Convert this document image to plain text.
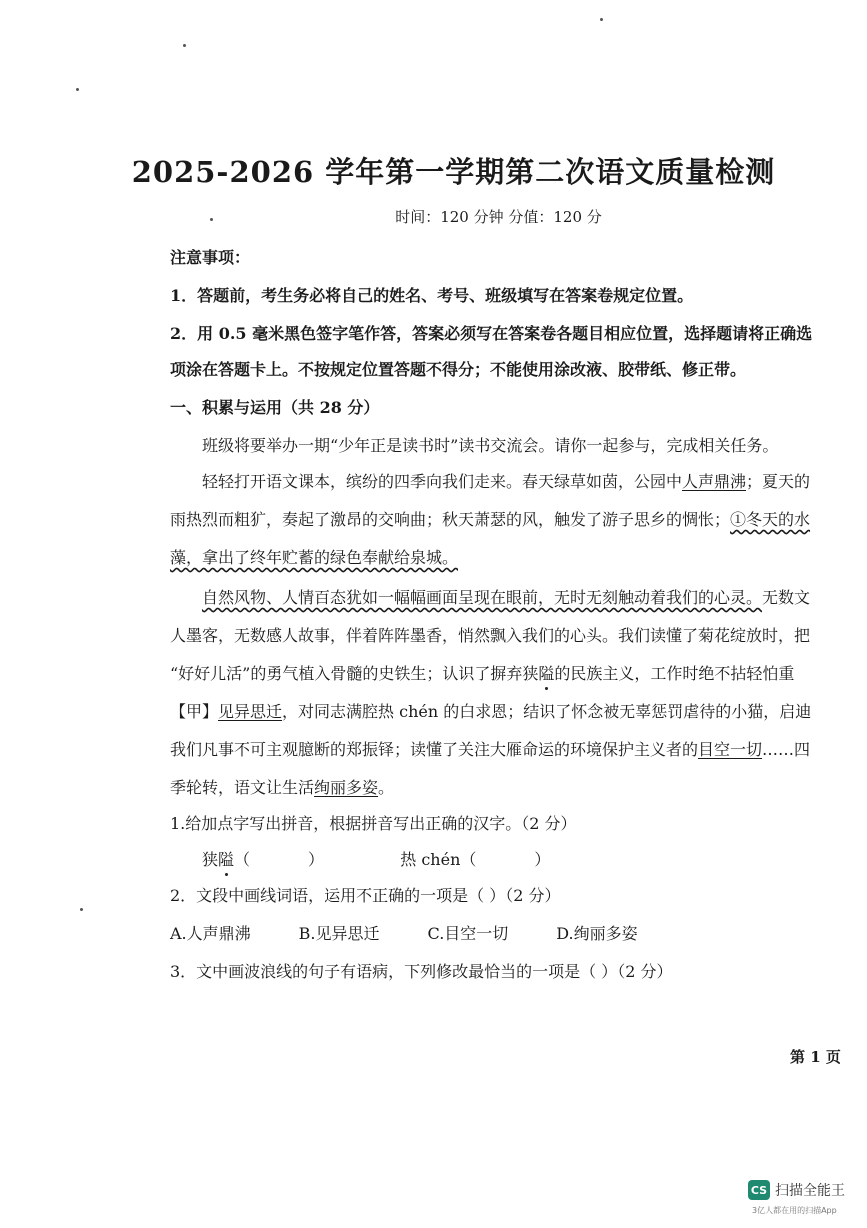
2025-2026 学年第一学期第二次语文质量检测
时间：120 分钟 分值：120 分
注意事项：
1．答题前，考生务必将自己的姓名、考号、班级填写在答案卷规定位置。
2．用 0.5 毫米黑色签字笔作答，答案必须写在答案卷各题目相应位置，选择题请将正确选
项涂在答题卡上。不按规定位置答题不得分；不能使用涂改液、胶带纸、修正带。
一、积累与运用（共 28 分）
班级将要举办一期“少年正是读书时”读书交流会。请你一起参与，完成相关任务。
轻轻打开语文课本，缤纷的四季向我们走来。春天绿草如茵，公园中人声鼎沸；夏天的
雨热烈而粗犷，奏起了激昂的交响曲；秋天萧瑟的风，触发了游子思乡的惆怅；①冬天的水
藻，拿出了终年贮蓄的绿色奉献给泉城。
自然风物、人情百态犹如一幅幅画面呈现在眼前，无时无刻触动着我们的心灵。无数文
人墨客，无数感人故事，伴着阵阵墨香，悄然飘入我们的心头。我们读懂了菊花绽放时，把
“好好儿活”的勇气植入骨髓的史铁生；认识了摒弃狭隘的民族主义，工作时绝不拈轻怕重
【甲】见异思迁，对同志满腔热 chén 的白求恩；结识了怀念被无辜惩罚虐待的小猫，启迪
我们凡事不可主观臆断的郑振铎；读懂了关注大雁命运的环境保护主义者的目空一切……四
季轮转，语文让生活绚丽多姿。
1.给加点字写出拼音，根据拼音写出正确的汉字。（2 分）
狭隘（	）	热 chén（	）
2．文段中画线词语，运用不正确的一项是（ ）（2 分）
A.人声鼎沸	B.见异思迁	C.目空一切	D.绚丽多姿
3．文中画波浪线的句子有语病，下列修改最恰当的一项是（ ）（2 分）
第 1 页
CS 扫描全能王
3亿人都在用的扫描App
